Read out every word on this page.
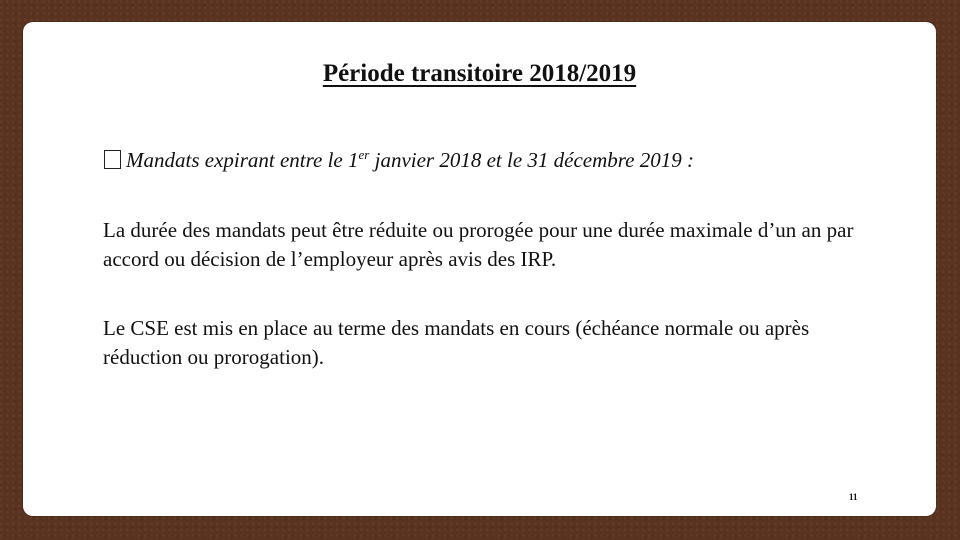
Période transitoire 2018/2019
Mandats expirant entre le 1er janvier 2018 et le 31 décembre 2019 :
La durée des mandats peut être réduite ou prorogée pour une durée maximale d’un an par accord ou décision de l’employeur après avis des IRP.
Le CSE est mis en place au terme des mandats en cours (échéance normale ou après réduction ou prorogation).
11
